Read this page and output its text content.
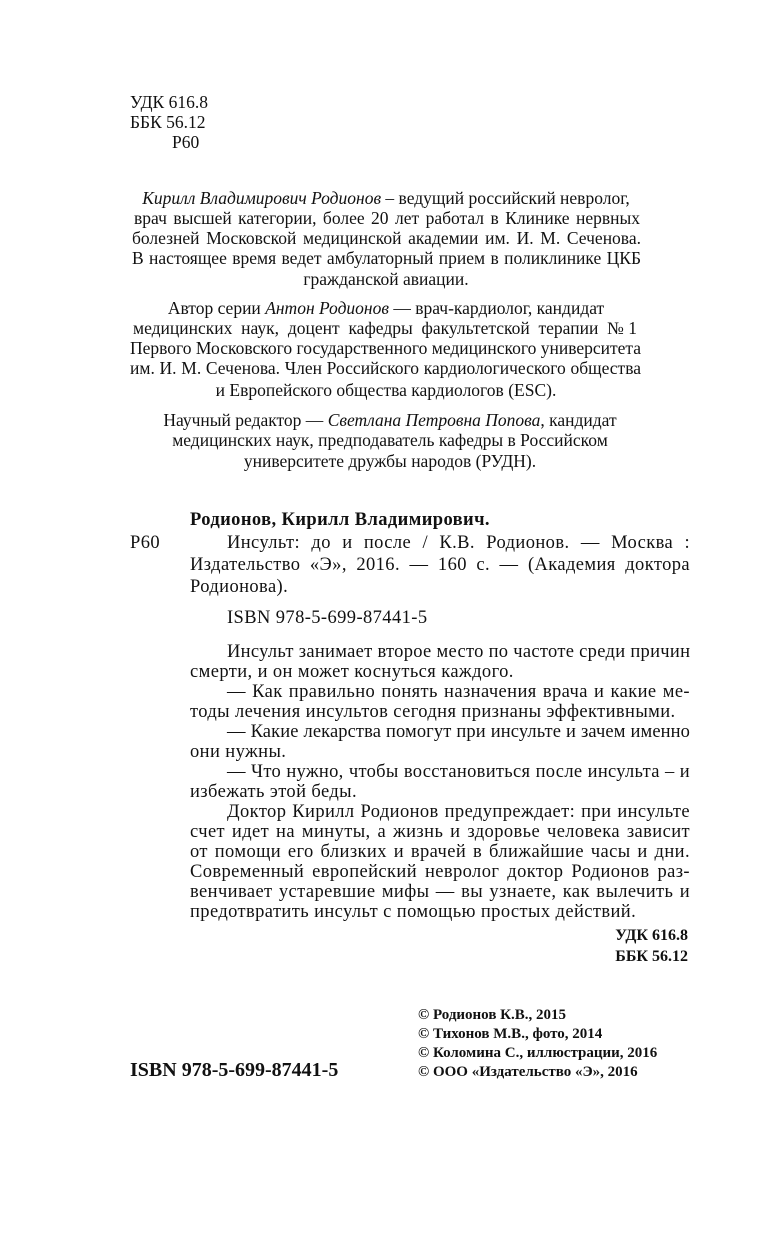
УДК 616.8
ББК 56.12
Р60
Кирилл Владимирович Родионов – ведущий российский невролог,
врач высшей категории, более 20 лет работал в Клинике нервных
болезней Московской медицинской академии им. И. М. Сеченова.
В настоящее время ведет амбулаторный прием в поликлинике ЦКБ
гражданской авиации.
Автор серии Антон Родионов — врач-кардиолог, кандидат
медицинских наук, доцент кафедры факультетской терапии №1
Первого Московского государственного медицинского университета
им. И. М. Сеченова. Член Российского кардиологического общества
и Европейского общества кардиологов (ESC).
Научный редактор — Светлана Петровна Попова, кандидат
медицинских наук, предподаватель кафедры в Российском
университете дружбы народов (РУДН).
Родионов, Кирилл Владимирович.
Р60	Инсульт: до и после / К.В. Родионов. — Москва :
Издательство «Э», 2016. — 160 с. — (Академия доктора
Родионова).
ISBN 978-5-699-87441-5
Инсульт занимает второе место по частоте среди причин
смерти, и он может коснуться каждого.
— Как правильно понять назначения врача и какие ме-
тоды лечения инсультов сегодня признаны эффективными.
— Какие лекарства помогут при инсульте и зачем именно
они нужны.
— Что нужно, чтобы восстановиться после инсульта – и
избежать этой беды.
Доктор Кирилл Родионов предупреждает: при инсульте
счет идет на минуты, а жизнь и здоровье человека зависит
от помощи его близких и врачей в ближайшие часы и дни.
Современный европейский невролог доктор Родионов раз-
венчивает устаревшие мифы — вы узнаете, как вылечить и
предотвратить инсульт с помощью простых действий.
УДК 616.8
ББК 56.12
© Родионов К.В., 2015
© Тихонов М.В., фото, 2014
© Коломина С., иллюстрации, 2016
© ООО «Издательство «Э», 2016
ISBN 978-5-699-87441-5
